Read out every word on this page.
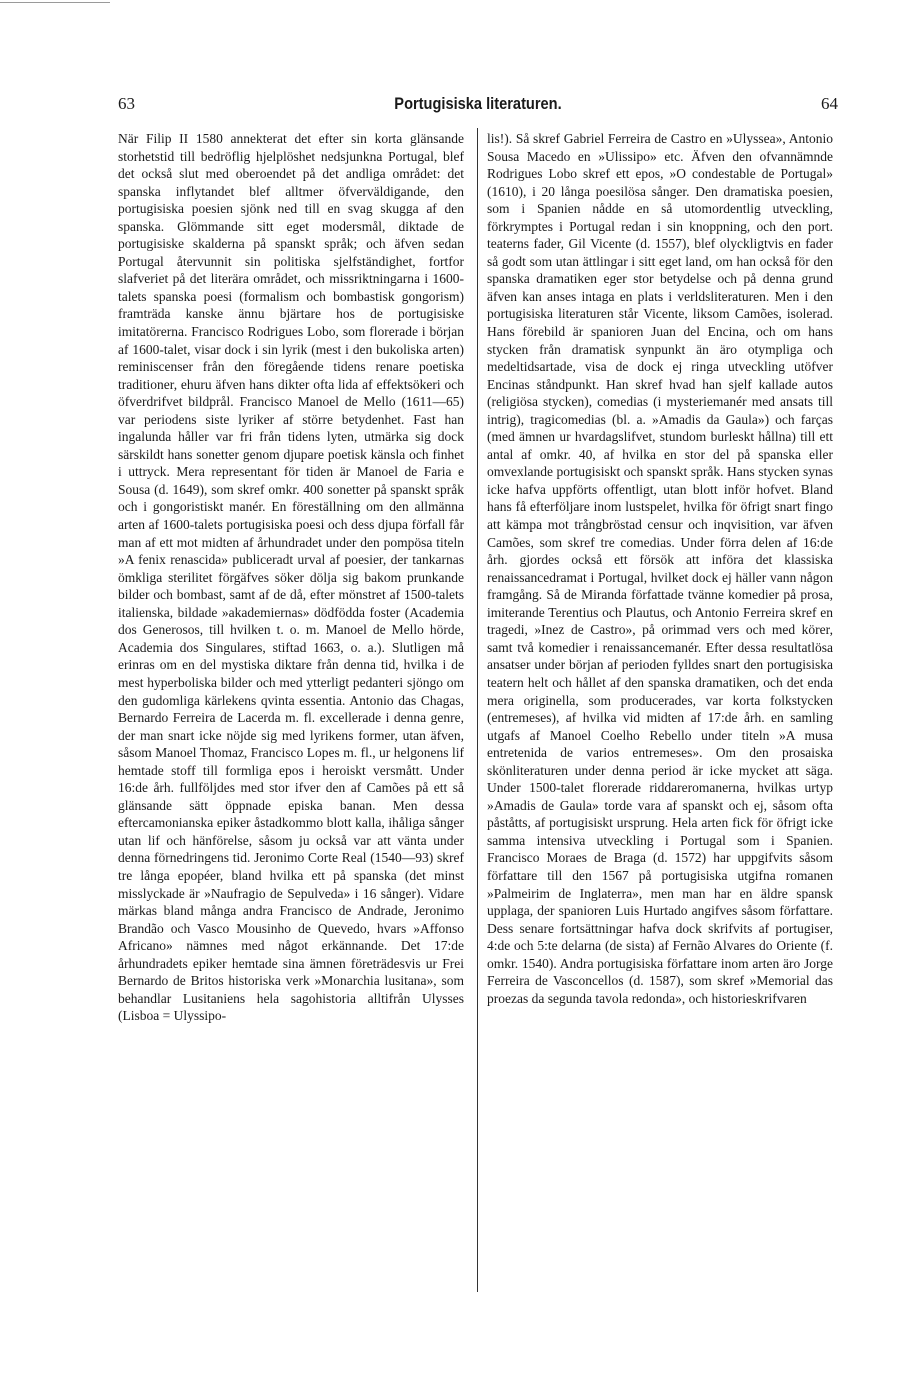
63	Portugisiska literaturen.	64

När Filip II 1580 annekterat det efter sin korta glänsande storhetstid till bedröflig hjelplöshet nedsjunkna Portugal, blef det också slut med oberoendet på det andliga området: det spanska inflytandet blef alltmer öfverväldigande, den portugisiska poesien sjönk ned till en svag skugga af den spanska. Glömmande sitt eget modersmål, diktade de portugisiske skalderna på spanskt språk; och äfven sedan Portugal återvunnit sin politiska sjelfständighet, fortfor slafveriet på det literära området, och missriktningarna i 1600-talets spanska poesi (formalism och bombastisk gongorism) framträda kanske ännu bjärtare hos de portugisiske imitatörerna. Francisco Rodrigues Lobo, som florerade i början af 1600-talet, visar dock i sin lyrik (mest i den bukoliska arten) reminiscenser från den föregående tidens renare poetiska traditioner, ehuru äfven hans dikter ofta lida af effektsökeri och öfverdrifvet bildprål. Francisco Manoel de Mello (1611—65) var periodens siste lyriker af större betydenhet. Fast han ingalunda håller var fri från tidens lyten, utmärka sig dock särskildt hans sonetter genom djupare poetisk känsla och finhet i uttryck. Mera representant för tiden är Manoel de Faria e Sousa (d. 1649), som skref omkr. 400 sonetter på spanskt språk och i gongoristiskt manér. En föreställning om den allmänna arten af 1600-talets portugisiska poesi och dess djupa förfall får man af ett mot midten af århundradet under den pompösa titeln »A fenix renascida» publiceradt urval af poesier, der tankarnas ömkliga sterilitet förgäfves söker dölja sig bakom prunkande bilder och bombast, samt af de då, efter mönstret af 1500-talets italienska, bildade »akademiernas» dödfödda foster (Academia dos Generosos, till hvilken t. o. m. Manoel de Mello hörde, Academia dos Singulares, stiftad 1663, o. a.). Slutligen må erinras om en del mystiska diktare från denna tid, hvilka i de mest hyperboliska bilder och med ytterligt pedanteri sjöngo om den gudomliga kärlekens qvinta essentia. Antonio das Chagas, Bernardo Ferreira de Lacerda m. fl. excellerade i denna genre, der man snart icke nöjde sig med lyrikens former, utan äfven, såsom Manoel Thomaz, Francisco Lopes m. fl., ur helgonens lif hemtade stoff till formliga epos i heroiskt versmått. Under 16:de årh. fullföljdes med stor ifver den af Camões på ett så glänsande sätt öppnade episka banan. Men dessa eftercamonianska epiker åstadkommo blott kalla, ihåliga sånger utan lif och hänförelse, såsom ju också var att vänta under denna förnedringens tid. Jeronimo Corte Real (1540—93) skref tre långa epopéer, bland hvilka ett på spanska (det minst misslyckade är »Naufragio de Sepulveda» i 16 sånger). Vidare märkas bland många andra Francisco de Andrade, Jeronimo Brandão och Vasco Mousinho de Quevedo, hvars »Affonso Africano» nämnes med något erkännande. Det 17:de århundradets epiker hemtade sina ämnen företrädesvis ur Frei Bernardo de Britos historiska verk »Monarchia lusitana», som behandlar Lusitaniens hela sagohistoria alltifrån Ulysses (Lisboa = Ulyssipo-

lis!). Så skref Gabriel Ferreira de Castro en »Ulyssea», Antonio Sousa Macedo en »Ulissipo» etc. Äfven den ofvannämnde Rodrigues Lobo skref ett epos, »O condestable de Portugal» (1610), i 20 långa poesilösa sånger. Den dramatiska poesien, som i Spanien nådde en så utomordentlig utveckling, förkrymptes i Portugal redan i sin knoppning, och den port. teaterns fader, Gil Vicente (d. 1557), blef olyckligtvis en fader så godt som utan ättlingar i sitt eget land, om han också för den spanska dramatiken eger stor betydelse och på denna grund äfven kan anses intaga en plats i verldsliteraturen. Men i den portugisiska literaturen står Vicente, liksom Camões, isolerad. Hans förebild är spanioren Juan del Encina, och om hans stycken från dramatisk synpunkt än äro otympliga och medeltidsartade, visa de dock ej ringa utveckling utöfver Encinas ståndpunkt. Han skref hvad han sjelf kallade autos (religiösa stycken), comedias (i mysteriemanér med ansats till intrig), tragicomedias (bl. a. »Amadis da Gaula») och farças (med ämnen ur hvardagslifvet, stundom burleskt hållna) till ett antal af omkr. 40, af hvilka en stor del på spanska eller omvexlande portugisiskt och spanskt språk. Hans stycken synas icke hafva uppförts offentligt, utan blott inför hofvet. Bland hans få efterföljare inom lustspelet, hvilka för öfrigt snart fingo att kämpa mot trångbröstad censur och inqvisition, var äfven Camões, som skref tre comedias. Under förra delen af 16:de årh. gjordes också ett försök att införa det klassiska renaissancedramat i Portugal, hvilket dock ej häller vann någon framgång. Så de Miranda författade tvänne komedier på prosa, imiterande Terentius och Plautus, och Antonio Ferreira skref en tragedi, »Inez de Castro», på orimmad vers och med körer, samt två komedier i renaissancemanér. Efter dessa resultatlösa ansatser under början af perioden fylldes snart den portugisiska teatern helt och hållet af den spanska dramatiken, och det enda mera originella, som producerades, var korta folkstycken (entremeses), af hvilka vid midten af 17:de årh. en samling utgafs af Manoel Coelho Rebello under titeln »A musa entretenida de varios entremeses». Om den prosaiska skönliteraturen under denna period är icke mycket att säga. Under 1500-talet florerade riddareromanerna, hvilkas urtyp »Amadis de Gaula» torde vara af spanskt och ej, såsom ofta påståtts, af portugisiskt ursprung. Hela arten fick för öfrigt icke samma intensiva utveckling i Portugal som i Spanien. Francisco Moraes de Braga (d. 1572) har uppgifvits såsom författare till den 1567 på portugisiska utgifna romanen »Palmeirim de Inglaterra», men man har en äldre spansk upplaga, der spanioren Luis Hurtado angifves såsom författare. Dess senare fortsättningar hafva dock skrifvits af portugiser, 4:de och 5:te delarna (de sista) af Fernão Alvares do Oriente (f. omkr. 1540). Andra portugisiska författare inom arten äro Jorge Ferreira de Vasconcellos (d. 1587), som skref »Memorial das proezas da segunda tavola redonda», och historieskrifvaren
